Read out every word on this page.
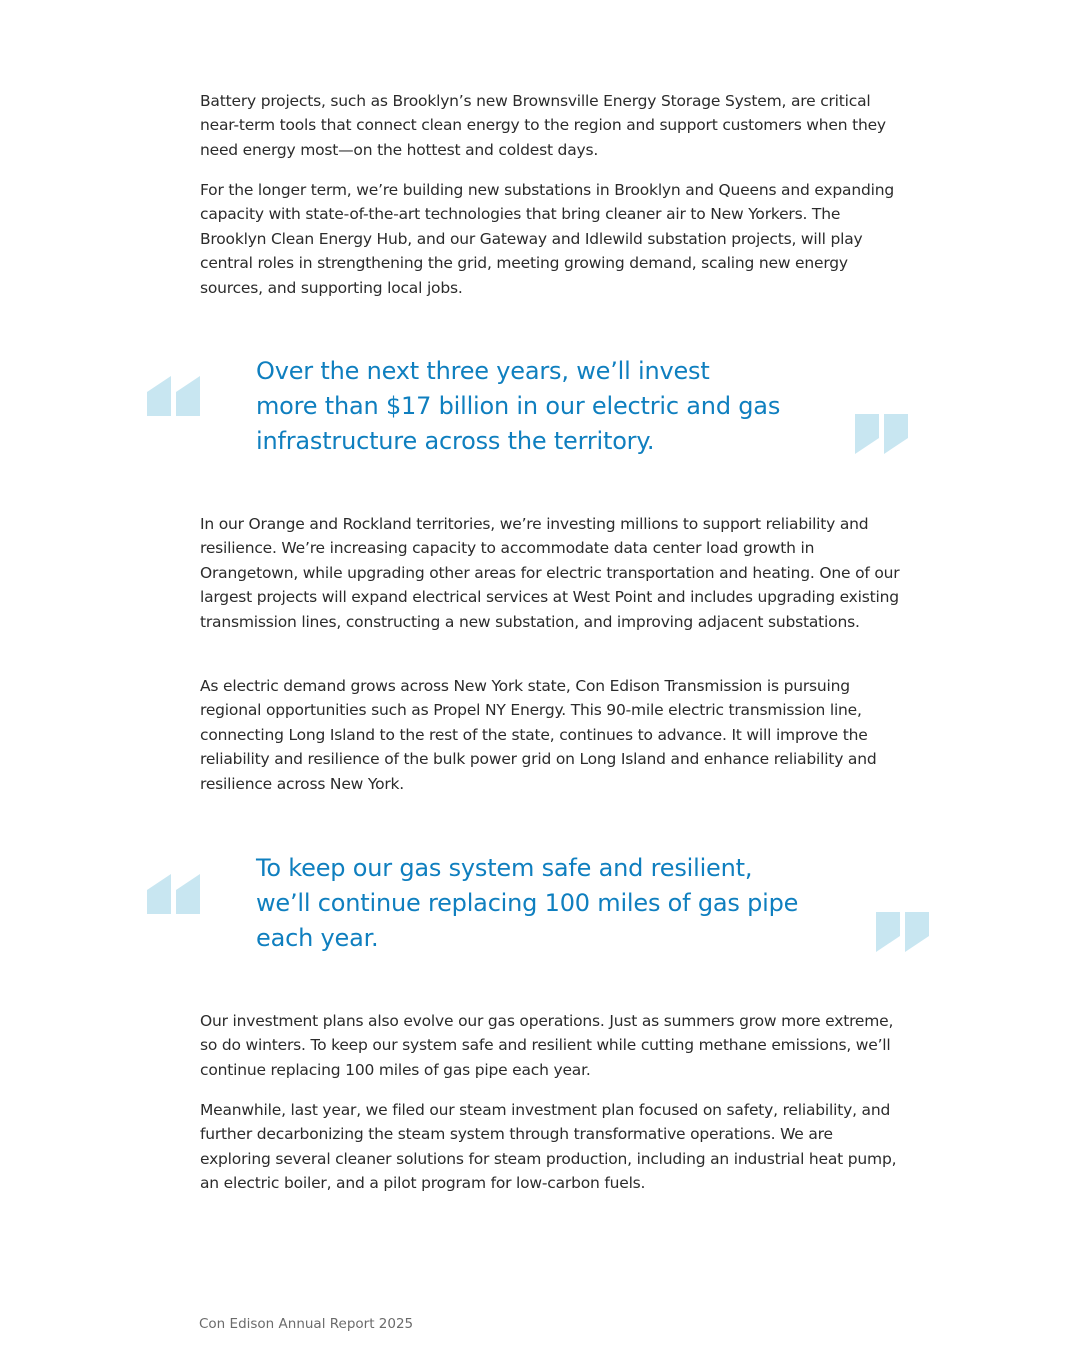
Battery projects, such as Brooklyn’s new Brownsville Energy Storage System, are critical near-term tools that connect clean energy to the region and support customers when they need energy most—on the hottest and coldest days.

For the longer term, we’re building new substations in Brooklyn and Queens and expanding capacity with state-of-the-art technologies that bring cleaner air to New Yorkers. The Brooklyn Clean Energy Hub, and our Gateway and Idlewild substation projects, will play central roles in strengthening the grid, meeting growing demand, scaling new energy sources, and supporting local jobs.

Over the next three years, we’ll invest
more than $17 billion in our electric and gas
infrastructure across the territory.

In our Orange and Rockland territories, we’re investing millions to support reliability and resilience. We’re increasing capacity to accommodate data center load growth in Orangetown, while upgrading other areas for electric transportation and heating. One of our largest projects will expand electrical services at West Point and includes upgrading existing transmission lines, constructing a new substation, and improving adjacent substations.

As electric demand grows across New York state, Con Edison Transmission is pursuing regional opportunities such as Propel NY Energy. This 90-mile electric transmission line, connecting Long Island to the rest of the state, continues to advance. It will improve the reliability and resilience of the bulk power grid on Long Island and enhance reliability and resilience across New York.

To keep our gas system safe and resilient,
we’ll continue replacing 100 miles of gas pipe
each year.

Our investment plans also evolve our gas operations. Just as summers grow more extreme, so do winters. To keep our system safe and resilient while cutting methane emissions, we’ll continue replacing 100 miles of gas pipe each year.

Meanwhile, last year, we filed our steam investment plan focused on safety, reliability, and further decarbonizing the steam system through transformative operations. We are exploring several cleaner solutions for steam production, including an industrial heat pump, an electric boiler, and a pilot program for low-carbon fuels.

Con Edison Annual Report 2025
